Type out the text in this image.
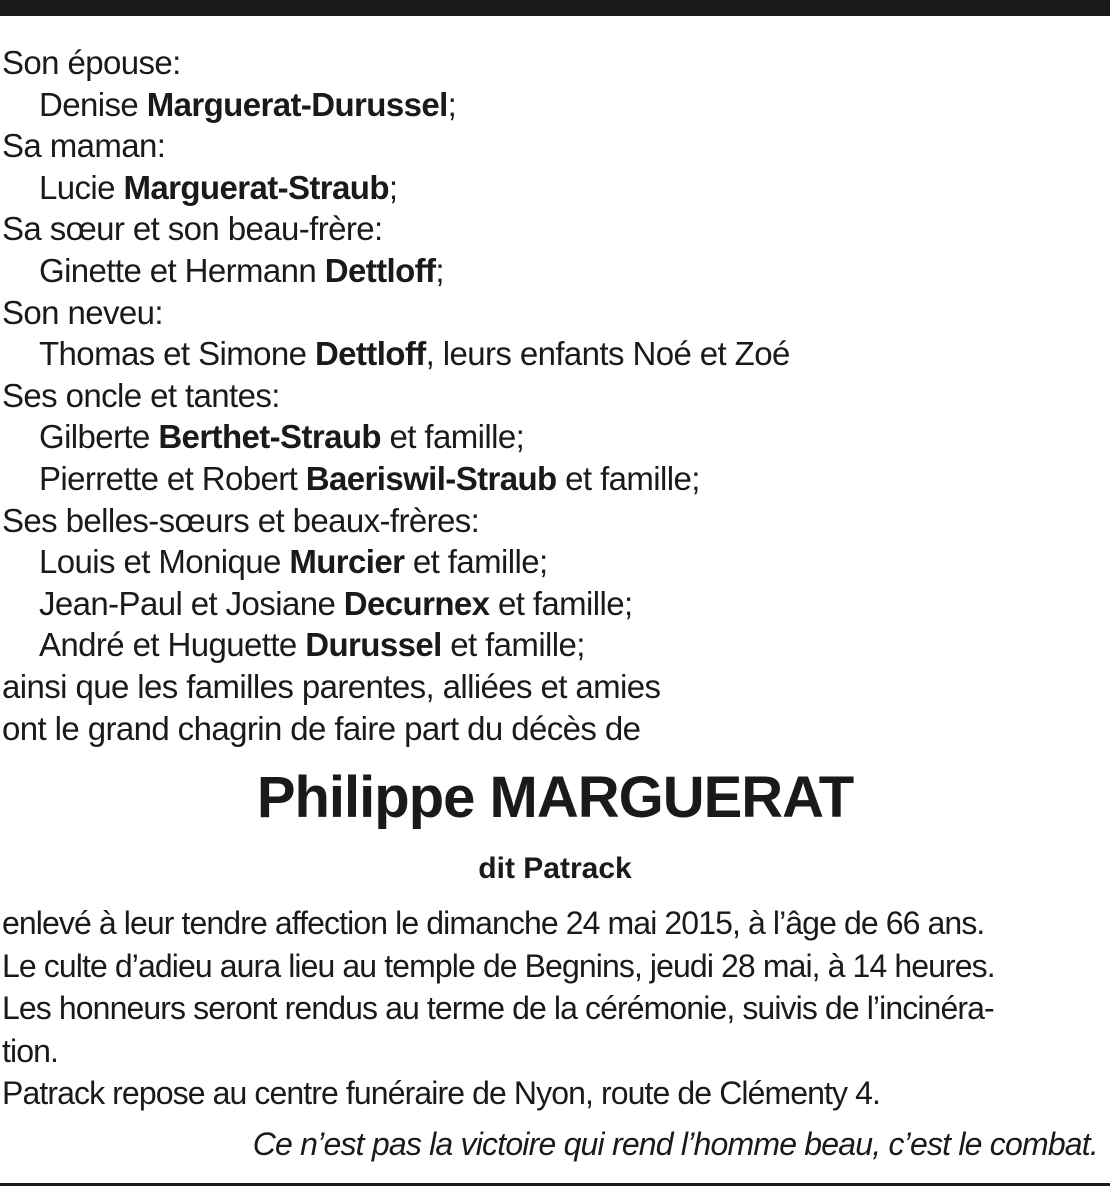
Son épouse:
Denise Marguerat-Durussel;
Sa maman:
Lucie Marguerat-Straub;
Sa sœur et son beau-frère:
Ginette et Hermann Dettloff;
Son neveu:
Thomas et Simone Dettloff, leurs enfants Noé et Zoé
Ses oncle et tantes:
Gilberte Berthet-Straub et famille;
Pierrette et Robert Baeriswil-Straub et famille;
Ses belles-sœurs et beaux-frères:
Louis et Monique Murcier et famille;
Jean-Paul et Josiane Decurnex et famille;
André et Huguette Durussel et famille;
ainsi que les familles parentes, alliées et amies
ont le grand chagrin de faire part du décès de
Philippe MARGUERAT
dit Patrack
enlevé à leur tendre affection le dimanche 24 mai 2015, à l’âge de 66 ans.
Le culte d’adieu aura lieu au temple de Begnins, jeudi 28 mai, à 14 heures.
Les honneurs seront rendus au terme de la cérémonie, suivis de l’incinéra-
tion.
Patrack repose au centre funéraire de Nyon, route de Clémenty 4.
Ce n’est pas la victoire qui rend l’homme beau, c’est le combat.
